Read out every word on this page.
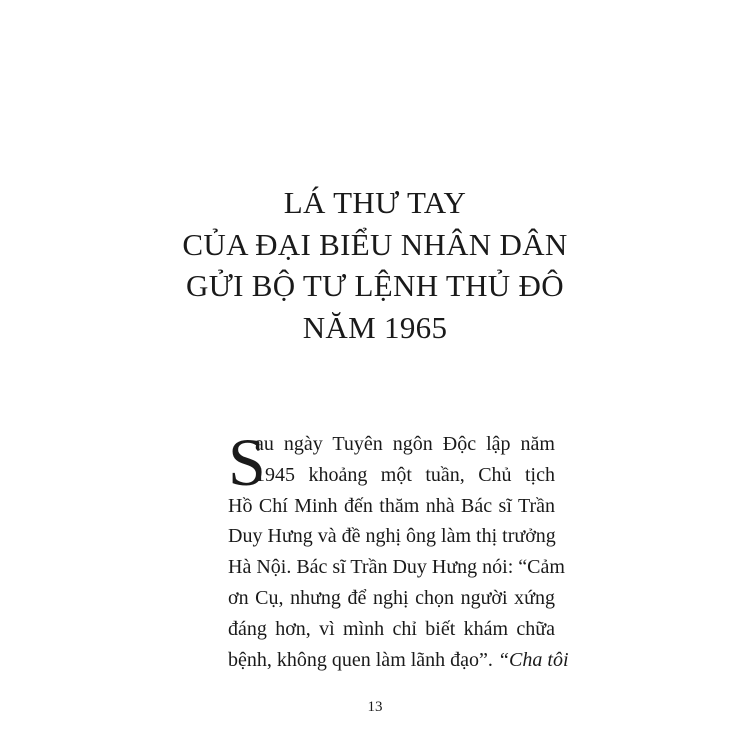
LÁ THƯ TAY
CỦA ĐẠI BIỂU NHÂN DÂN
GỬI BỘ TƯ LỆNH THỦ ĐÔ
NĂM 1965
S
au ngày Tuyên ngôn Độc lập năm
1945 khoảng một tuần, Chủ tịch
Hồ Chí Minh đến thăm nhà Bác sĩ Trần
Duy Hưng và đề nghị ông làm thị trưởng
Hà Nội. Bác sĩ Trần Duy Hưng nói: “Cảm
ơn Cụ, nhưng để nghị chọn người xứng
đáng hơn, vì mình chỉ biết khám chữa
bệnh, không quen làm lãnh đạo”. “Cha tôi
13
